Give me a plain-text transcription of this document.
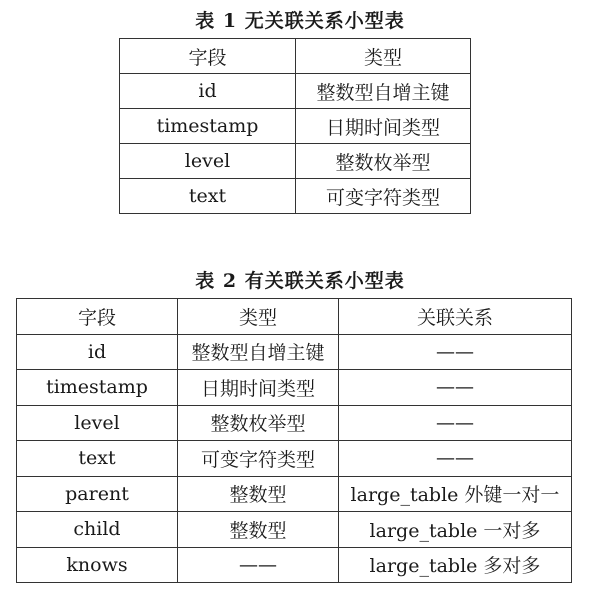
表 1 无关联关系小型表
字段	类型
id	整数型自增主键
timestamp	日期时间类型
level	整数枚举型
text	可变字符类型
表 2 有关联关系小型表
字段	类型	关联关系
id	整数型自增主键	——
timestamp	日期时间类型	——
level	整数枚举型	——
text	可变字符类型	——
parent	整数型	large_table 外键一对一
child	整数型	large_table 一对多
knows	——	large_table 多对多
